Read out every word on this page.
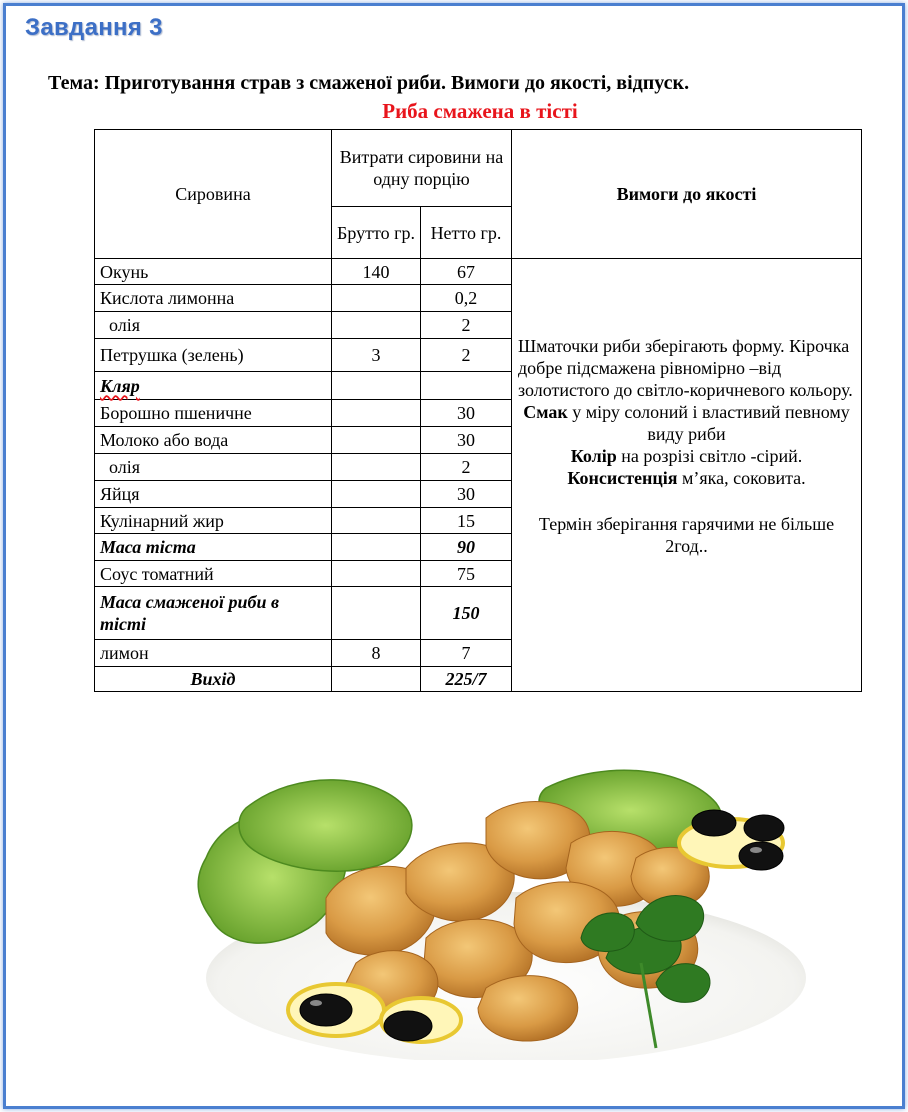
Завдання 3
Тема: Приготування страв з смаженої риби. Вимоги до якості, відпуск.
Риба смажена в тісті
Сировина	Витрати сировини на одну порцію		Вимоги до якості
	Брутто гр.	Нетто гр.	
Окунь	140	67	Шматочки риби зберігають форму. Кірочка добре підсмажена рівномірно –від золотистого до світло-коричневого кольору.
Смак у міру солоний і властивий певному виду риби
Колір на розрізі світло -сірий.
Консистенція м’яка, соковита.
Термін зберігання гарячими не більше 2год..

Кислота лимонна		0,2	
олія		2	
Петрушка (зелень)	3	2	
Кляр			
Борошно пшеничне		30	
Молоко або вода		30	
олія		2	
Яйця		30	
Кулінарний жир		15	
Маса тіста		90	
Соус томатний		75	
Маса смаженої риби в тісті		150	
лимон	8	7	
Вихід		225/7	
